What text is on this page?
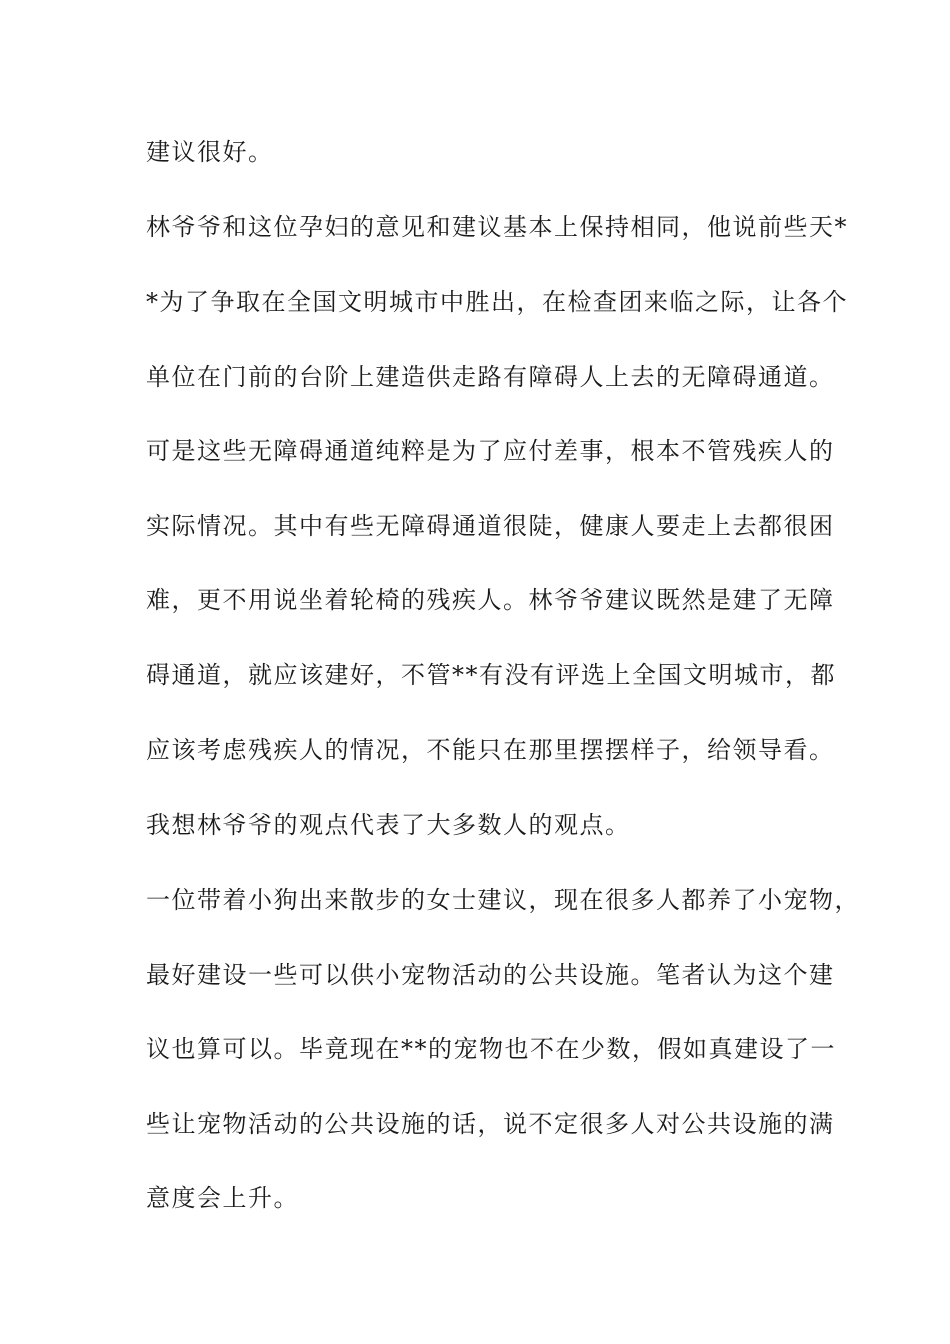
建议很好。
林爷爷和这位孕妇的意见和建议基本上保持相同，他说前些天*
*为了争取在全国文明城市中胜出，在检查团来临之际，让各个
单位在门前的台阶上建造供走路有障碍人上去的无障碍通道。
可是这些无障碍通道纯粹是为了应付差事，根本不管残疾人的
实际情况。其中有些无障碍通道很陡，健康人要走上去都很困
难，更不用说坐着轮椅的残疾人。林爷爷建议既然是建了无障
碍通道，就应该建好，不管**有没有评选上全国文明城市，都
应该考虑残疾人的情况，不能只在那里摆摆样子，给领导看。
我想林爷爷的观点代表了大多数人的观点。
一位带着小狗出来散步的女士建议，现在很多人都养了小宠物，
最好建设一些可以供小宠物活动的公共设施。笔者认为这个建
议也算可以。毕竟现在**的宠物也不在少数，假如真建设了一
些让宠物活动的公共设施的话，说不定很多人对公共设施的满
意度会上升。
